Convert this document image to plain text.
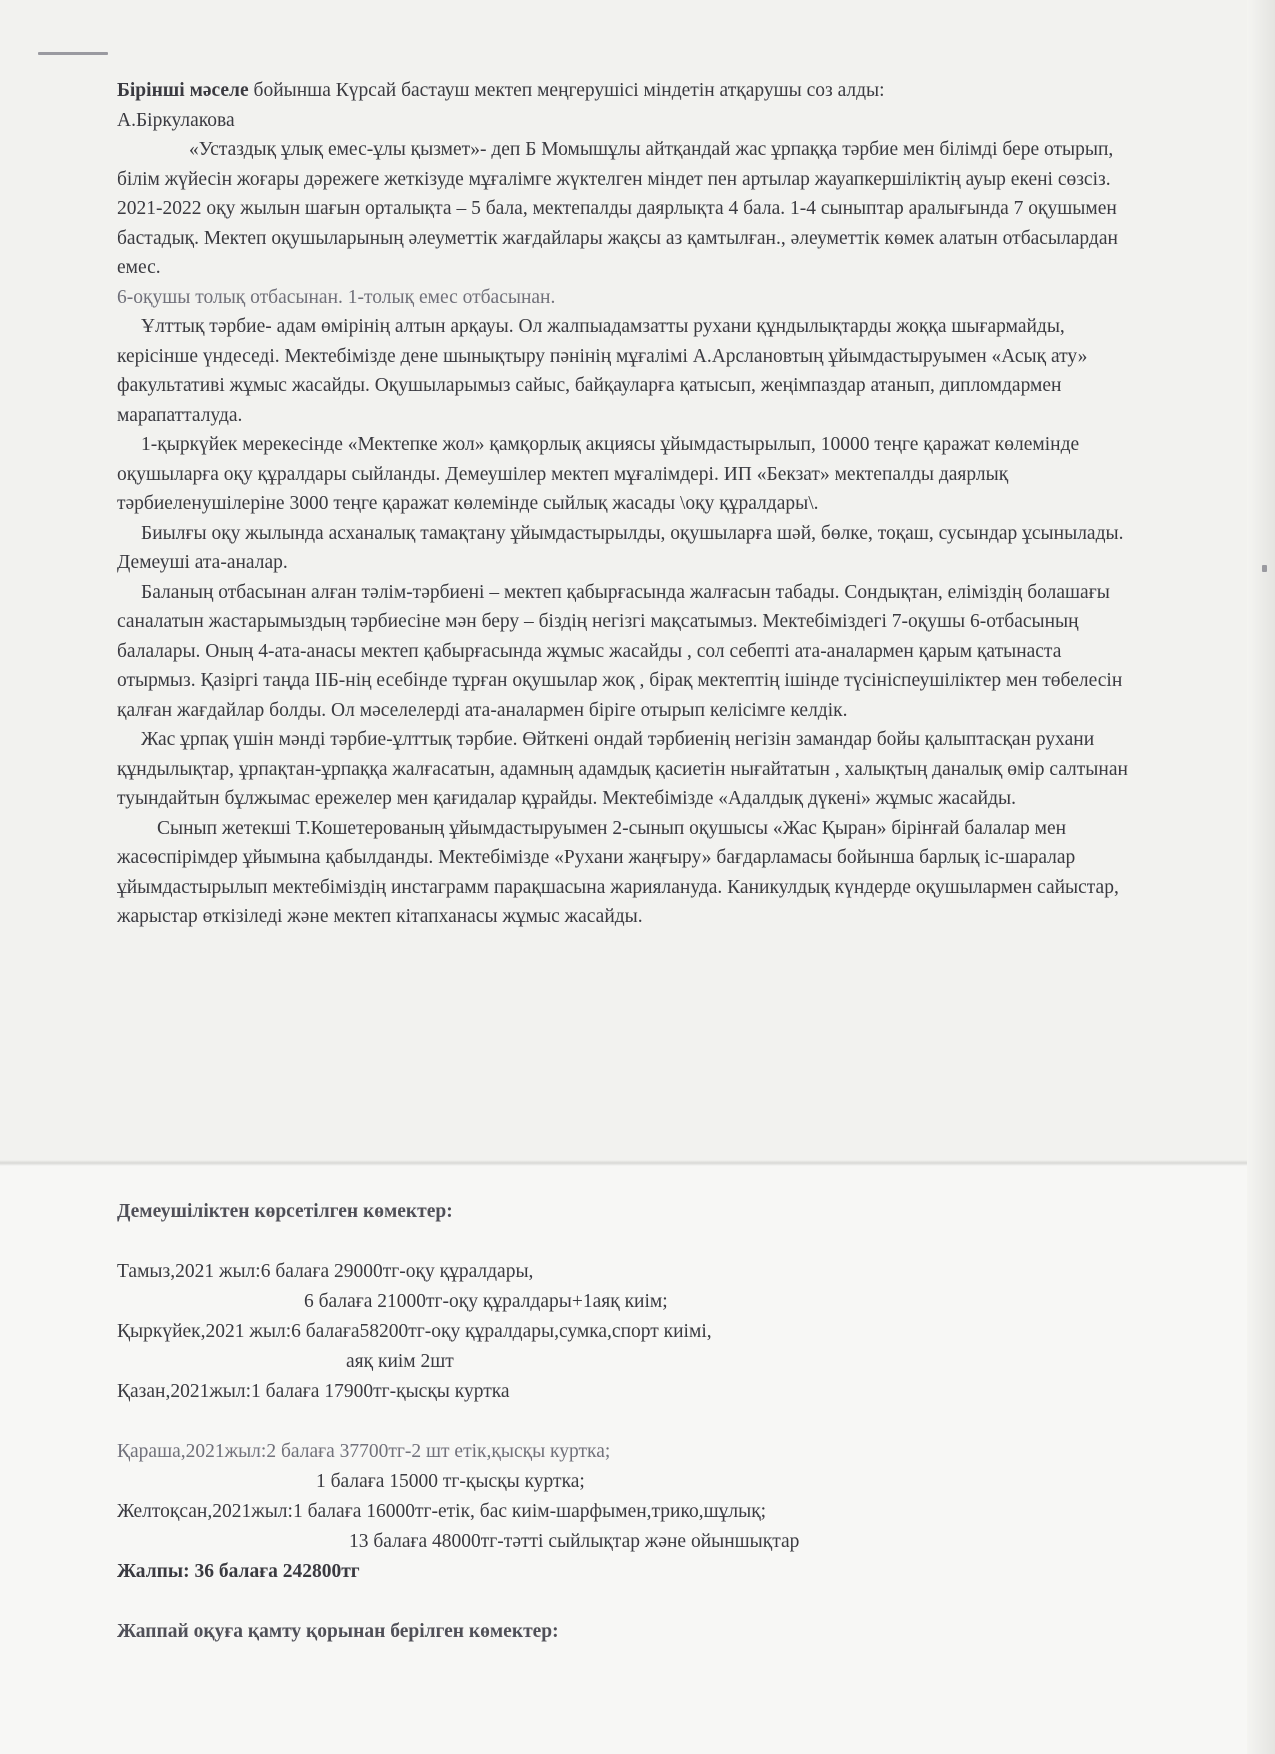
Бірінші мәселе бойынша Күрсай бастауш мектеп меңгерушісі міндетін атқарушы соз алды:

А.Біркулакова

«Устаздық ұлық емес-ұлы қызмет»- деп Б Момышұлы айтқандай жас ұрпаққа тәрбие мен білімді бере отырып, білім жүйесін жоғары дәрежеге жеткізуде мұғалімге жүктелген міндет пен артылар жауапкершіліктің ауыр екені сөзсіз. 2021-2022 оқу жылын шағын орталықта – 5 бала, мектепалды даярлықта 4 бала. 1-4 сыныптар аралығында 7 оқушымен бастадық. Мектеп оқушыларының әлеуметтік жағдайлары жақсы аз қамтылған., әлеуметтік көмек алатын отбасылардан емес.

6-оқушы толық отбасынан. 1-толық емес отбасынан.

Ұлттық тәрбие- адам өмірінің алтын арқауы. Ол жалпыадамзатты рухани құндылықтарды жоққа шығармайды, керісінше үндеседі. Мектебімізде дене шынықтыру пәнінің мұғалімі А.Арслановтың ұйымдастыруымен «Асық ату» факультативі жұмыс жасайды. Оқушыларымыз сайыс, байқауларға қатысып, жеңімпаздар атанып, дипломдармен марапатталуда.

1-қыркүйек мерекесінде «Мектепке жол» қамқорлық акциясы ұйымдастырылып, 10000 теңге қаражат көлемінде оқушыларға оқу құралдары сыйланды. Демеушілер мектеп мұғалімдері. ИП «Бекзат» мектепалды даярлық тәрбиеленушілеріне 3000 теңге қаражат көлемінде сыйлық жасады \оқу құралдары\.

Биылғы оқу жылында асханалық тамақтану ұйымдастырылды, оқушыларға шәй, бөлке, тоқаш, сусындар ұсынылады. Демеуші ата-аналар.

Баланың отбасынан алған тәлім-тәрбиені – мектеп қабырғасында жалғасын табады. Сондықтан, еліміздің болашағы саналатын жастарымыздың тәрбиесіне мән беру – біздің негізгі мақсатымыз. Мектебіміздегі 7-оқушы 6-отбасының балалары. Оның 4-ата-анасы мектеп қабырғасында жұмыс жасайды , сол себепті ата-аналармен қарым қатынаста отырмыз. Қазіргі таңда ІІБ-нің есебінде тұрған оқушылар жоқ , бірақ мектептің ішінде түсініспеушіліктер мен төбелесін қалған жағдайлар болды. Ол мәселелерді ата-аналармен біріге отырып келісімге келдік.

Жас ұрпақ үшін мәнді тәрбие-ұлттық тәрбие. Өйткені ондай тәрбиенің негізін замандар бойы қалыптасқан рухани құндылықтар, ұрпақтан-ұрпаққа жалғасатын, адамның адамдық қасиетін нығайтатын , халықтың даналық өмір салтынан туындайтын бұлжымас ережелер мен қағидалар құрайды. Мектебімізде «Адалдық дүкені» жұмыс жасайды.

Сынып жетекші Т.Кошетерованың ұйымдастыруымен 2-сынып оқушысы «Жас Қыран» бірінғай балалар мен жасөспірімдер ұйымына қабылданды. Мектебімізде «Рухани жаңғыру» бағдарламасы бойынша барлық іс-шаралар ұйымдастырылып мектебіміздің инстаграмм парақшасына жариялануда. Каникулдық күндерде оқушылармен сайыстар, жарыстар өткізіледі және мектеп кітапханасы жұмыс жасайды.

Демеушіліктен көрсетілген көмектер:
Тамыз,2021 жыл:6 балаға 29000тг-оқу құралдары,
6 балаға 21000тг-оқу құралдары+1аяқ киім;
Қыркүйек,2021 жыл:6 балаға58200тг-оқу құралдары,сумка,спорт киімі,
аяқ киім 2шт
Қазан,2021жыл:1 балаға 17900тг-қысқы куртка
Қараша,2021жыл:2 балаға 37700тг-2 шт етік,қысқы куртка;
1 балаға 15000 тг-қысқы куртка;
Желтоқсан,2021жыл:1 балаға 16000тг-етік, бас киім-шарфымен,трико,шұлық;
13 балаға 48000тг-тәтті сыйлықтар және ойыншықтар
Жалпы: 36 балаға 242800тг
Жаппай оқуға қамту қорынан берілген көмектер:
